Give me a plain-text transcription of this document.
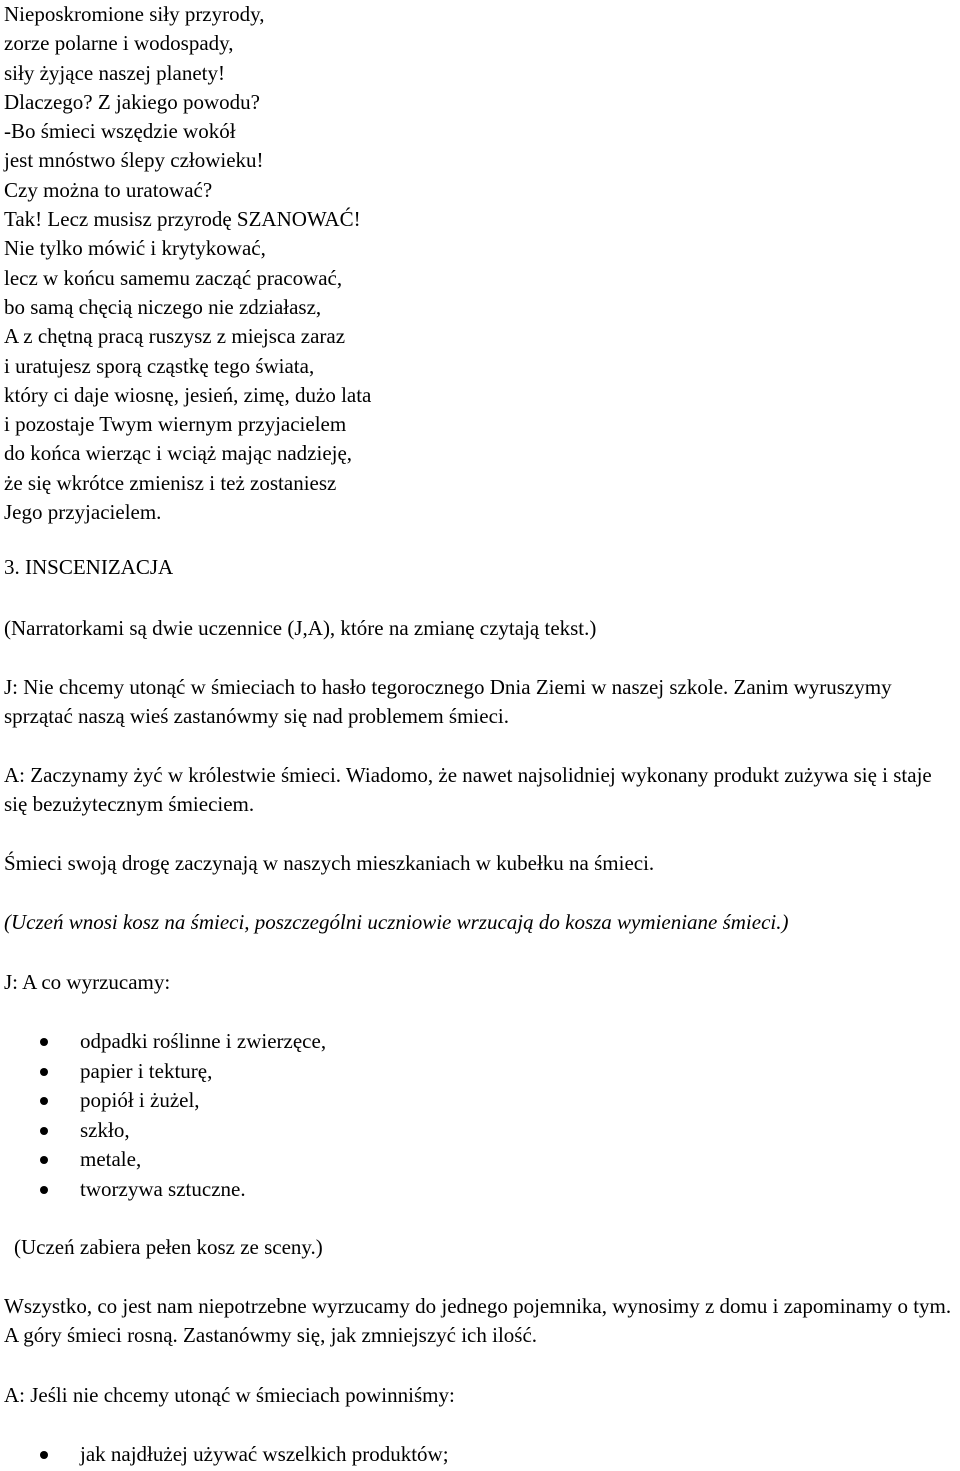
Nieposkromione siły przyrody,
zorze polarne i wodospady,
siły żyjące naszej planety!
Dlaczego? Z jakiego powodu?
-Bo śmieci wszędzie wokół
jest mnóstwo ślepy człowieku!
Czy można to uratować?
Tak! Lecz musisz przyrodę SZANOWAĆ!
Nie tylko mówić i krytykować,
lecz w końcu samemu zacząć pracować,
bo samą chęcią niczego nie zdziałasz,
A z chętną pracą ruszysz z miejsca zaraz
i uratujesz sporą cząstkę tego świata,
który ci daje wiosnę, jesień, zimę, dużo lata
i pozostaje Twym wiernym przyjacielem
do końca wierząc i wciąż mając nadzieję,
że się wkrótce zmienisz i też zostaniesz
Jego przyjacielem.
3. INSCENIZACJA
(Narratorkami są dwie uczennice (J,A), które na zmianę czytają tekst.)
J: Nie chcemy utonąć w śmieciach to hasło tegorocznego Dnia Ziemi w naszej szkole. Zanim wyruszymy sprzątać naszą wieś zastanówmy się nad problemem śmieci.
A: Zaczynamy żyć w królestwie śmieci. Wiadomo, że nawet najsolidniej wykonany produkt zużywa się i staje się bezużytecznym śmieciem.
Śmieci swoją drogę zaczynają w naszych mieszkaniach w kubełku na śmieci.
(Uczeń wnosi kosz na śmieci, poszczególni uczniowie wrzucają do kosza wymieniane śmieci.)
J: A co wyrzucamy:
odpadki roślinne i zwierzęce,
papier i tekturę,
popiół i żużel,
szkło,
metale,
tworzywa sztuczne.
(Uczeń zabiera pełen kosz ze sceny.)
Wszystko, co jest nam niepotrzebne wyrzucamy do jednego pojemnika, wynosimy z domu i zapominamy o tym. A góry śmieci rosną. Zastanówmy się, jak zmniejszyć ich ilość.
A: Jeśli nie chcemy utonąć w śmieciach powinniśmy:
jak najdłużej używać wszelkich produktów;
